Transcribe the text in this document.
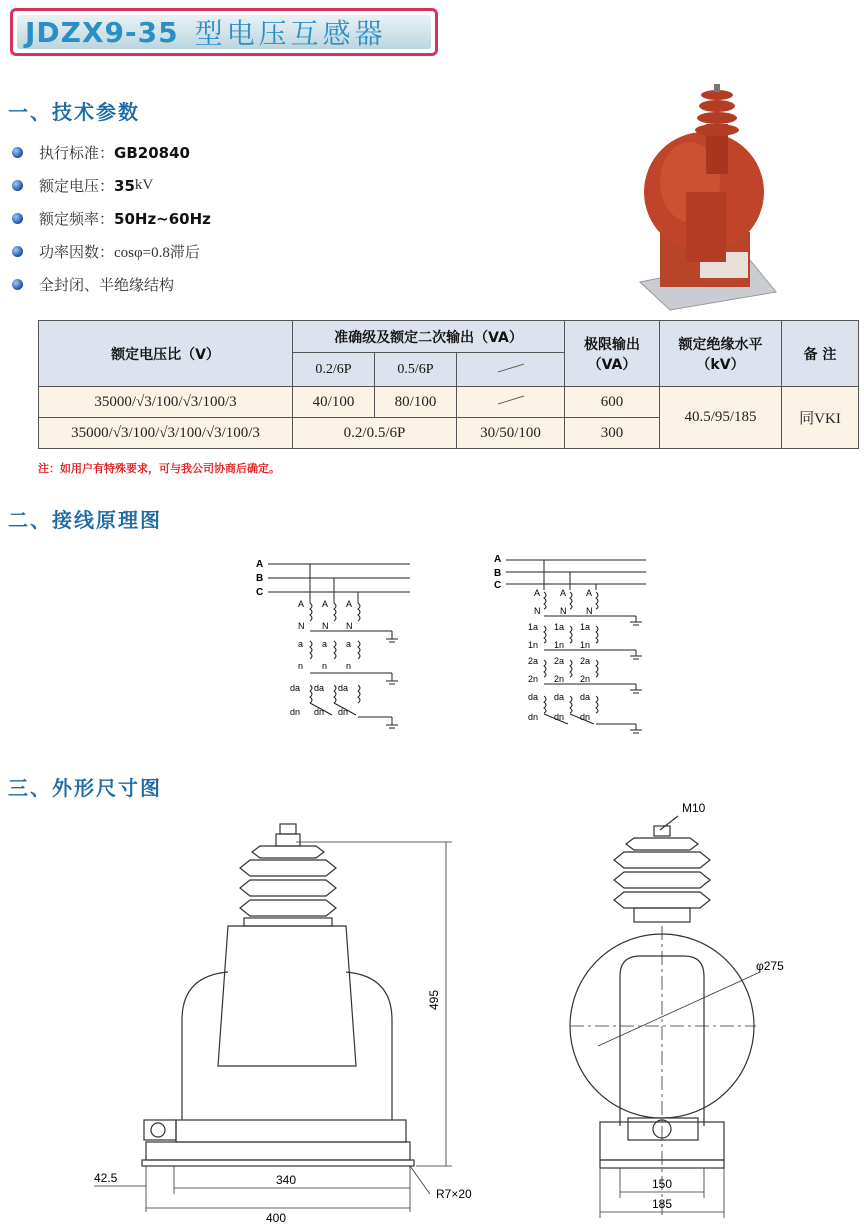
JDZX9-35 型电压互感器
一、技术参数
执行标准： GB20840
额定电压： 35 kV
额定频率： 50Hz~60Hz
功率因数： cosφ=0.8滞后
全封闭、半绝缘结构
额定电压比（V）	准确级及额定二次输出（VA）			极限输出（VA）	额定绝缘水平（kV）	备 注
	0.2/6P	0.5/6P	
35000/√3/100/√3/100/3	40/100	80/100		600	40.5/95/185	同VKI
35000/√3/100/√3/100/√3/100/3	0.2/0.5/6P		30/50/100	300		
注：如用户有特殊要求，可与我公司协商后确定。
二、接线原理图
A
B
C
A A A
N N N
a a a
n n n
da da da
dn dn dn
A
B
C
A A A
N N N
1a 1a 1a
1n 1n 1n
2a 2a 2a
2n 2n 2n
da da da
dn dn dn
三、外形尺寸图
495
340
400
42.5
R7×20
M10
φ275
150
185
